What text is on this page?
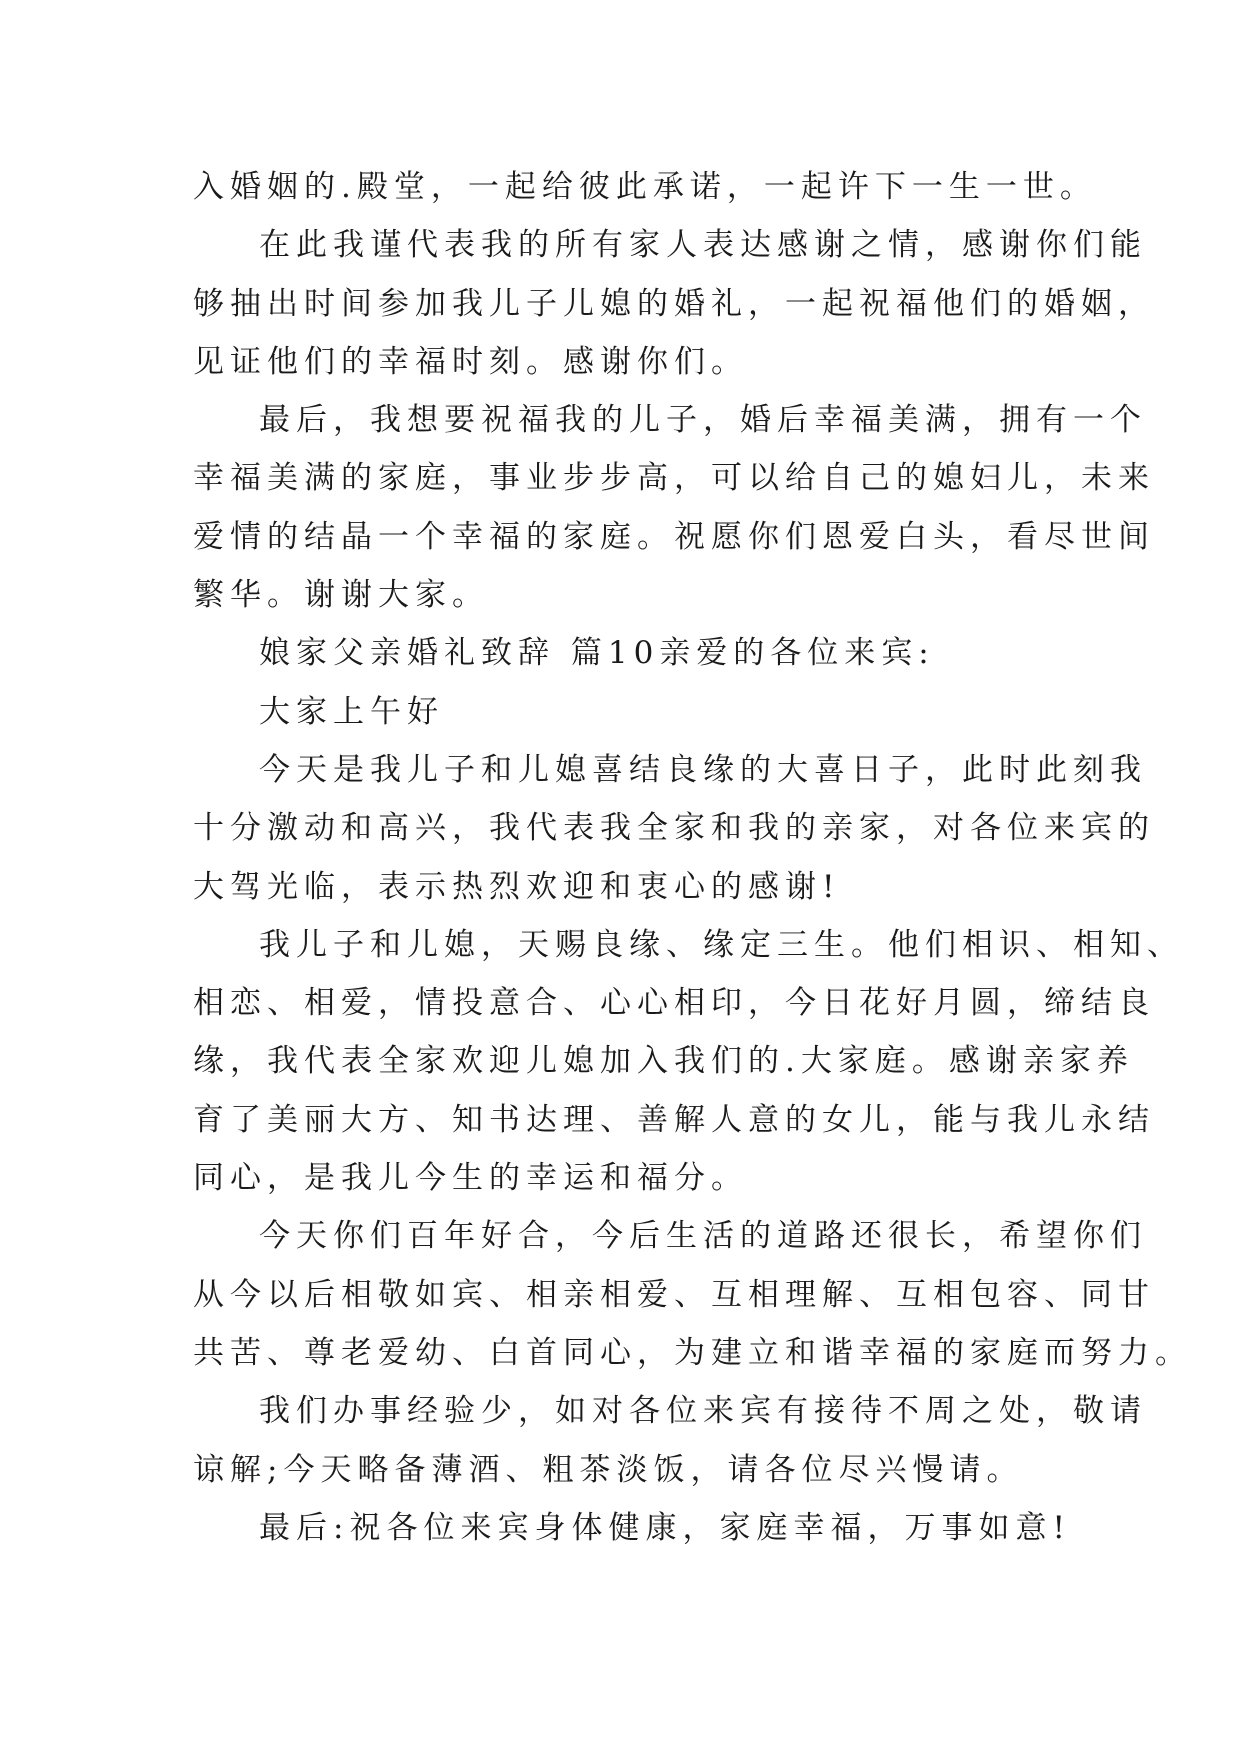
入婚姻的.殿堂，一起给彼此承诺，一起许下一生一世。
在此我谨代表我的所有家人表达感谢之情，感谢你们能
够抽出时间参加我儿子儿媳的婚礼，一起祝福他们的婚姻，
见证他们的幸福时刻。感谢你们。
最后，我想要祝福我的儿子，婚后幸福美满，拥有一个
幸福美满的家庭，事业步步高，可以给自己的媳妇儿，未来
爱情的结晶一个幸福的家庭。祝愿你们恩爱白头，看尽世间
繁华。谢谢大家。
娘家父亲婚礼致辞 篇10亲爱的各位来宾:
大家上午好
今天是我儿子和儿媳喜结良缘的大喜日子，此时此刻我
十分激动和高兴，我代表我全家和我的亲家，对各位来宾的
大驾光临，表示热烈欢迎和衷心的感谢!
我儿子和儿媳，天赐良缘、缘定三生。他们相识、相知、
相恋、相爱，情投意合、心心相印，今日花好月圆，缔结良
缘，我代表全家欢迎儿媳加入我们的.大家庭。感谢亲家养
育了美丽大方、知书达理、善解人意的女儿，能与我儿永结
同心，是我儿今生的幸运和福分。
今天你们百年好合，今后生活的道路还很长，希望你们
从今以后相敬如宾、相亲相爱、互相理解、互相包容、同甘
共苦、尊老爱幼、白首同心，为建立和谐幸福的家庭而努力。
我们办事经验少，如对各位来宾有接待不周之处，敬请
谅解;今天略备薄酒、粗茶淡饭，请各位尽兴慢请。
最后:祝各位来宾身体健康，家庭幸福，万事如意!
